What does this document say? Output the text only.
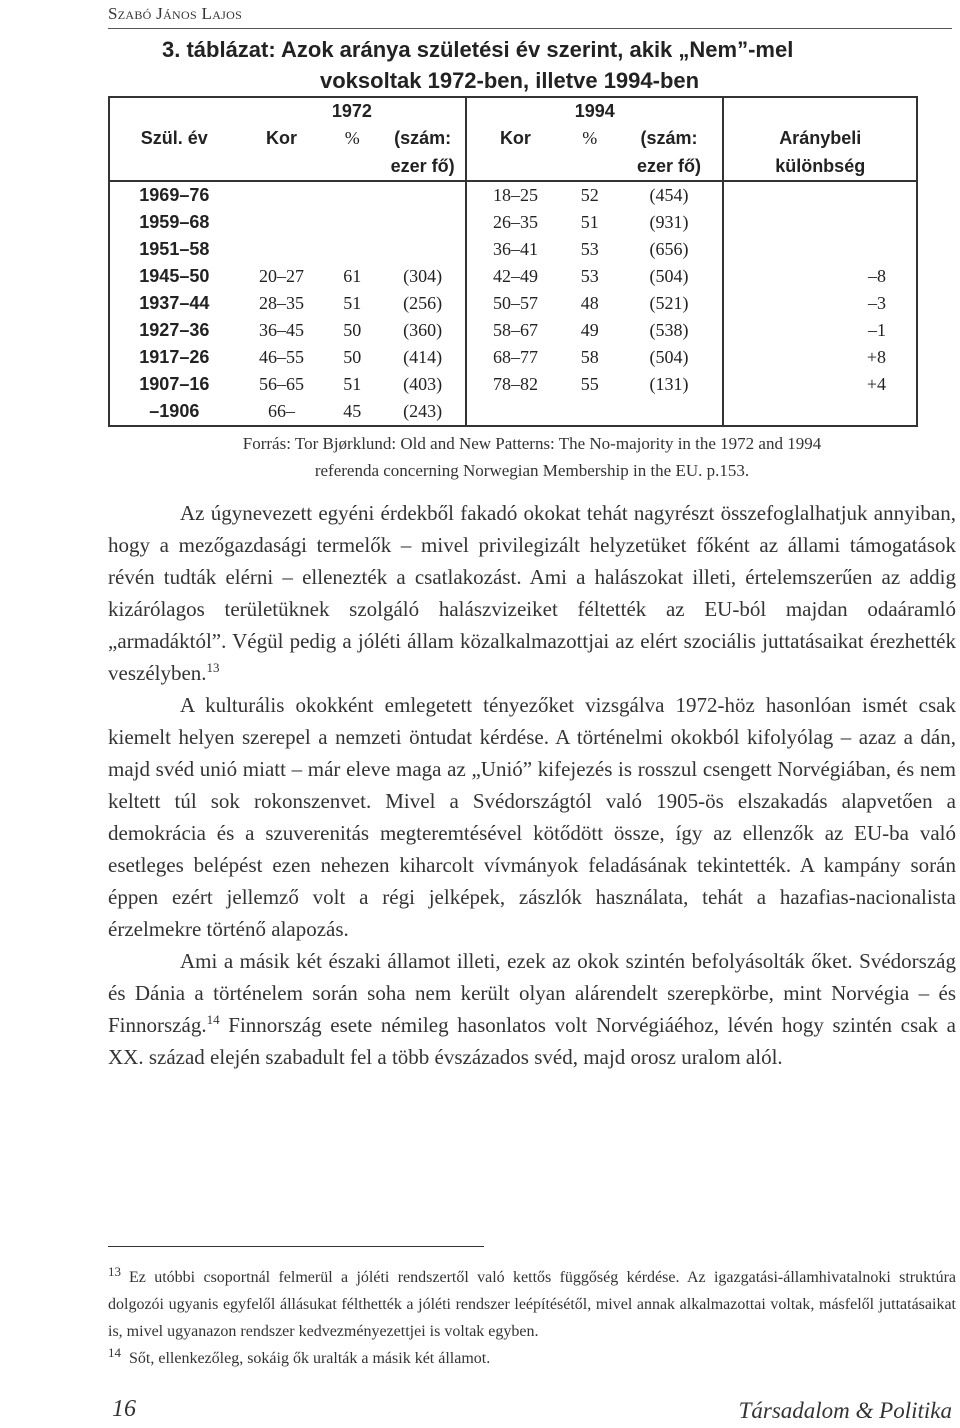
Szabó János Lajos
3. táblázat: Azok aránya születési év szerint, akik „Nem”-mel
voksoltak 1972-ben, illetve 1994-ben
	1972			1994			Aránybeli
különbség

Szül. év	Kor	%	(szám:	Kor	%	(szám:	
			ezer fő)			ezer fő)	
1969–76				18–25	52	(454)	
1959–68				26–35	51	(931)	
1951–58				36–41	53	(656)	
1945–50	20–27	61	(304)	42–49	53	(504)	–8
1937–44	28–35	51	(256)	50–57	48	(521)	–3
1927–36	36–45	50	(360)	58–67	49	(538)	–1
1917–26	46–55	50	(414)	68–77	58	(504)	+8
1907–16	56–65	51	(403)	78–82	55	(131)	+4
–1906	66–	45	(243)				
Forrás: Tor Bjørklund: Old and New Patterns: The No-majority in the 1972 and 1994
referenda concerning Norwegian Membership in the EU. p.153.

Az úgynevezett egyéni érdekből fakadó okokat tehát nagyrészt összefoglalhatjuk annyiban, hogy a mezőgazdasági termelők – mivel privilegizált helyzetüket főként az állami támogatások révén tudták elérni – ellenezték a csatlakozást. Ami a halászokat illeti, értelemszerűen az addig kizárólagos területüknek szolgáló halászvizeiket féltették az EU-ból majdan odaáramló „armadáktól”. Végül pedig a jóléti állam közalkalmazottjai az elért szociális juttatásaikat érezhették veszélyben.$^{13}$

A kulturális okokként emlegetett tényezőket vizsgálva 1972-höz hasonlóan ismét csak kiemelt helyen szerepel a nemzeti öntudat kérdése. A történelmi okokból kifolyólag – azaz a dán, majd svéd unió miatt – már eleve maga az „Unió” kifejezés is rosszul csengett Norvégiában, és nem keltett túl sok rokonszenvet. Mivel a Svédországtól való 1905-ös elszakadás alapvetően a demokrácia és a szuverenitás megteremtésével kötődött össze, így az ellenzők az EU-ba való esetleges belépést ezen nehezen kiharcolt vívmányok feladásának tekintették. A kampány során éppen ezért jellemző volt a régi jelképek, zászlók használata, tehát a hazafias-nacionalista érzelmekre történő alapozás.

Ami a másik két északi államot illeti, ezek az okok szintén befolyásolták őket. Svédország és Dánia a történelem során soha nem került olyan alárendelt szerepkörbe, mint Norvégia – és Finnország.$^{14}$ Finnország esete némileg hasonlatos volt Norvégiáéhoz, lévén hogy szintén csak a XX. század elején szabadult fel a több évszázados svéd, majd orosz uralom alól.

$^{13}$ Ez utóbbi csoportnál felmerül a jóléti rendszertől való kettős függőség kérdése. Az igazgatási-államhivatalnoki struktúra dolgozói ugyanis egyfelől állásukat félthették a jóléti rendszer leépítésétől, mivel annak alkalmazottai voltak, másfelől juttatásaikat is, mivel ugyanazon rendszer kedvezményezettjei is voltak egyben.

$^{14}$ Sőt, ellenkezőleg, sokáig ők uralták a másik két államot.

16	Társadalom & Politika
